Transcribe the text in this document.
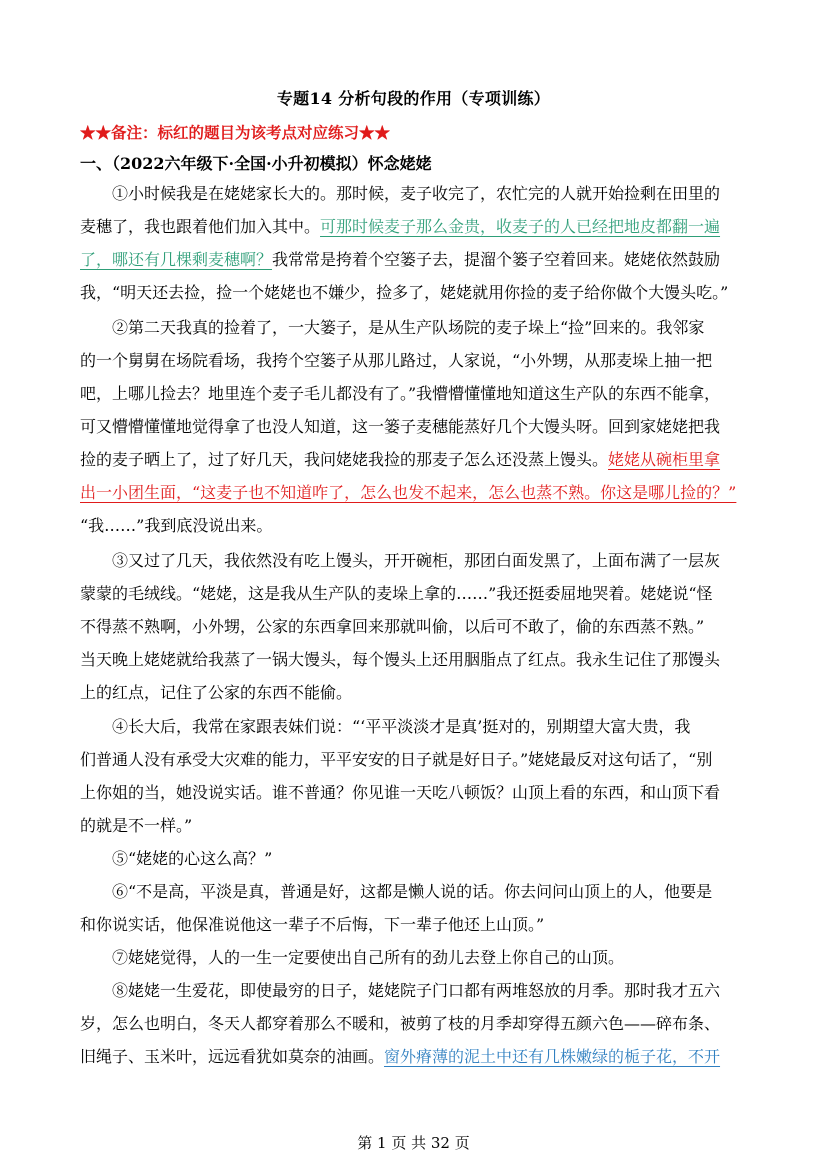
专题14 分析句段的作用（专项训练）
★★备注：标红的题目为该考点对应练习★★
一、（2022六年级下·全国·小升初模拟）怀念姥姥
①小时候我是在姥姥家长大的。那时候，麦子收完了，农忙完的人就开始捡剩在田里的
麦穗了，我也跟着他们加入其中。可那时候麦子那么金贵，收麦子的人已经把地皮都翻一遍
了，哪还有几棵剩麦穗啊？我常常是挎着个空篓子去，提溜个篓子空着回来。姥姥依然鼓励
我，“明天还去捡，捡一个姥姥也不嫌少，捡多了，姥姥就用你捡的麦子给你做个大馒头吃。”
②第二天我真的捡着了，一大篓子，是从生产队场院的麦子垛上“捡”回来的。我邻家
的一个舅舅在场院看场，我挎个空篓子从那儿路过，人家说，“小外甥，从那麦垛上抽一把
吧，上哪儿捡去？地里连个麦子毛儿都没有了。”我懵懵懂懂地知道这生产队的东西不能拿，
可又懵懵懂懂地觉得拿了也没人知道，这一篓子麦穗能蒸好几个大馒头呀。回到家姥姥把我
捡的麦子晒上了，过了好几天，我问姥姥我捡的那麦子怎么还没蒸上馒头。姥姥从碗柜里拿
出一小团生面，“这麦子也不知道咋了，怎么也发不起来，怎么也蒸不熟。你这是哪儿捡的？”
“我……”我到底没说出来。
③又过了几天，我依然没有吃上馒头，开开碗柜，那团白面发黑了，上面布满了一层灰
蒙蒙的毛绒线。“姥姥，这是我从生产队的麦垛上拿的……”我还挺委屈地哭着。姥姥说“怪
不得蒸不熟啊，小外甥，公家的东西拿回来那就叫偷，以后可不敢了，偷的东西蒸不熟。”
当天晚上姥姥就给我蒸了一锅大馒头，每个馒头上还用胭脂点了红点。我永生记住了那馒头
上的红点，记住了公家的东西不能偷。
④长大后，我常在家跟表妹们说：“‘平平淡淡才是真’挺对的，别期望大富大贵，我
们普通人没有承受大灾难的能力，平平安安的日子就是好日子。”姥姥最反对这句话了，“别
上你姐的当，她没说实话。谁不普通？你见谁一天吃八顿饭？山顶上看的东西，和山顶下看
的就是不一样。”
⑤“姥姥的心这么高？”
⑥“不是高，平淡是真，普通是好，这都是懒人说的话。你去问问山顶上的人，他要是
和你说实话，他保准说他这一辈子不后悔，下一辈子他还上山顶。”
⑦姥姥觉得，人的一生一定要使出自己所有的劲儿去登上你自己的山顶。
⑧姥姥一生爱花，即使最穷的日子，姥姥院子门口都有两堆怒放的月季。那时我才五六
岁，怎么也明白，冬天人都穿着那么不暖和，被剪了枝的月季却穿得五颜六色——碎布条、
旧绳子、玉米叶，远远看犹如莫奈的油画。窗外瘠薄的泥土中还有几株嫩绿的栀子花，不开
第 1 页 共 32 页
